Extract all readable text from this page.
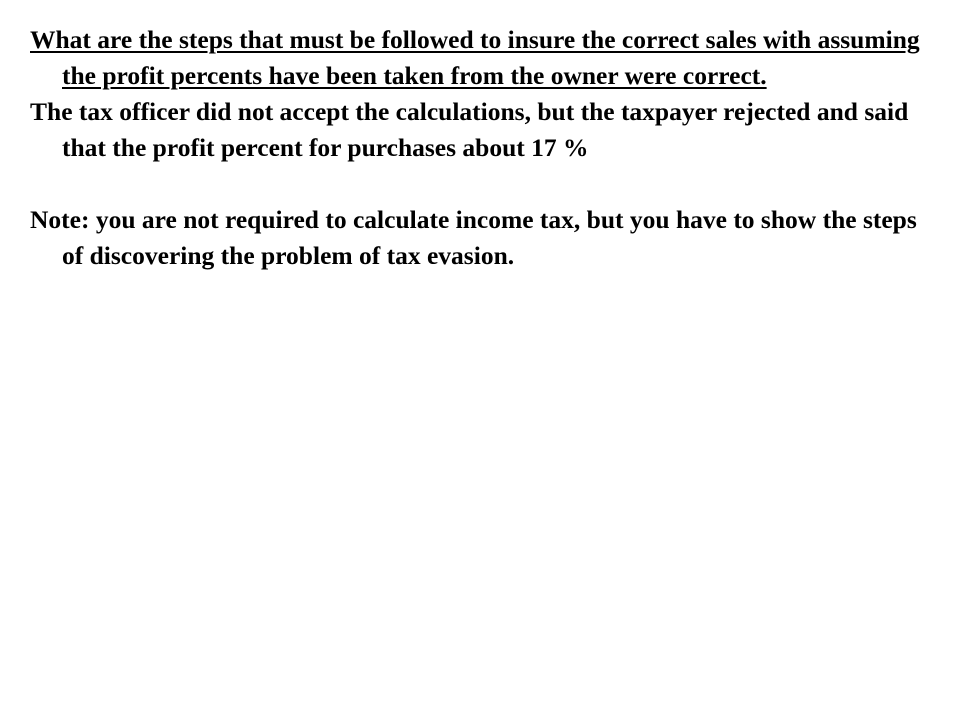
What are the steps that must be followed to insure the correct sales with assuming the profit percents have been taken from the owner were correct.

The tax officer did not accept the calculations, but the taxpayer rejected and said that the profit percent for purchases about 17 %

Note: you are not required to calculate income tax, but you have to show the steps of discovering the problem of tax evasion.
